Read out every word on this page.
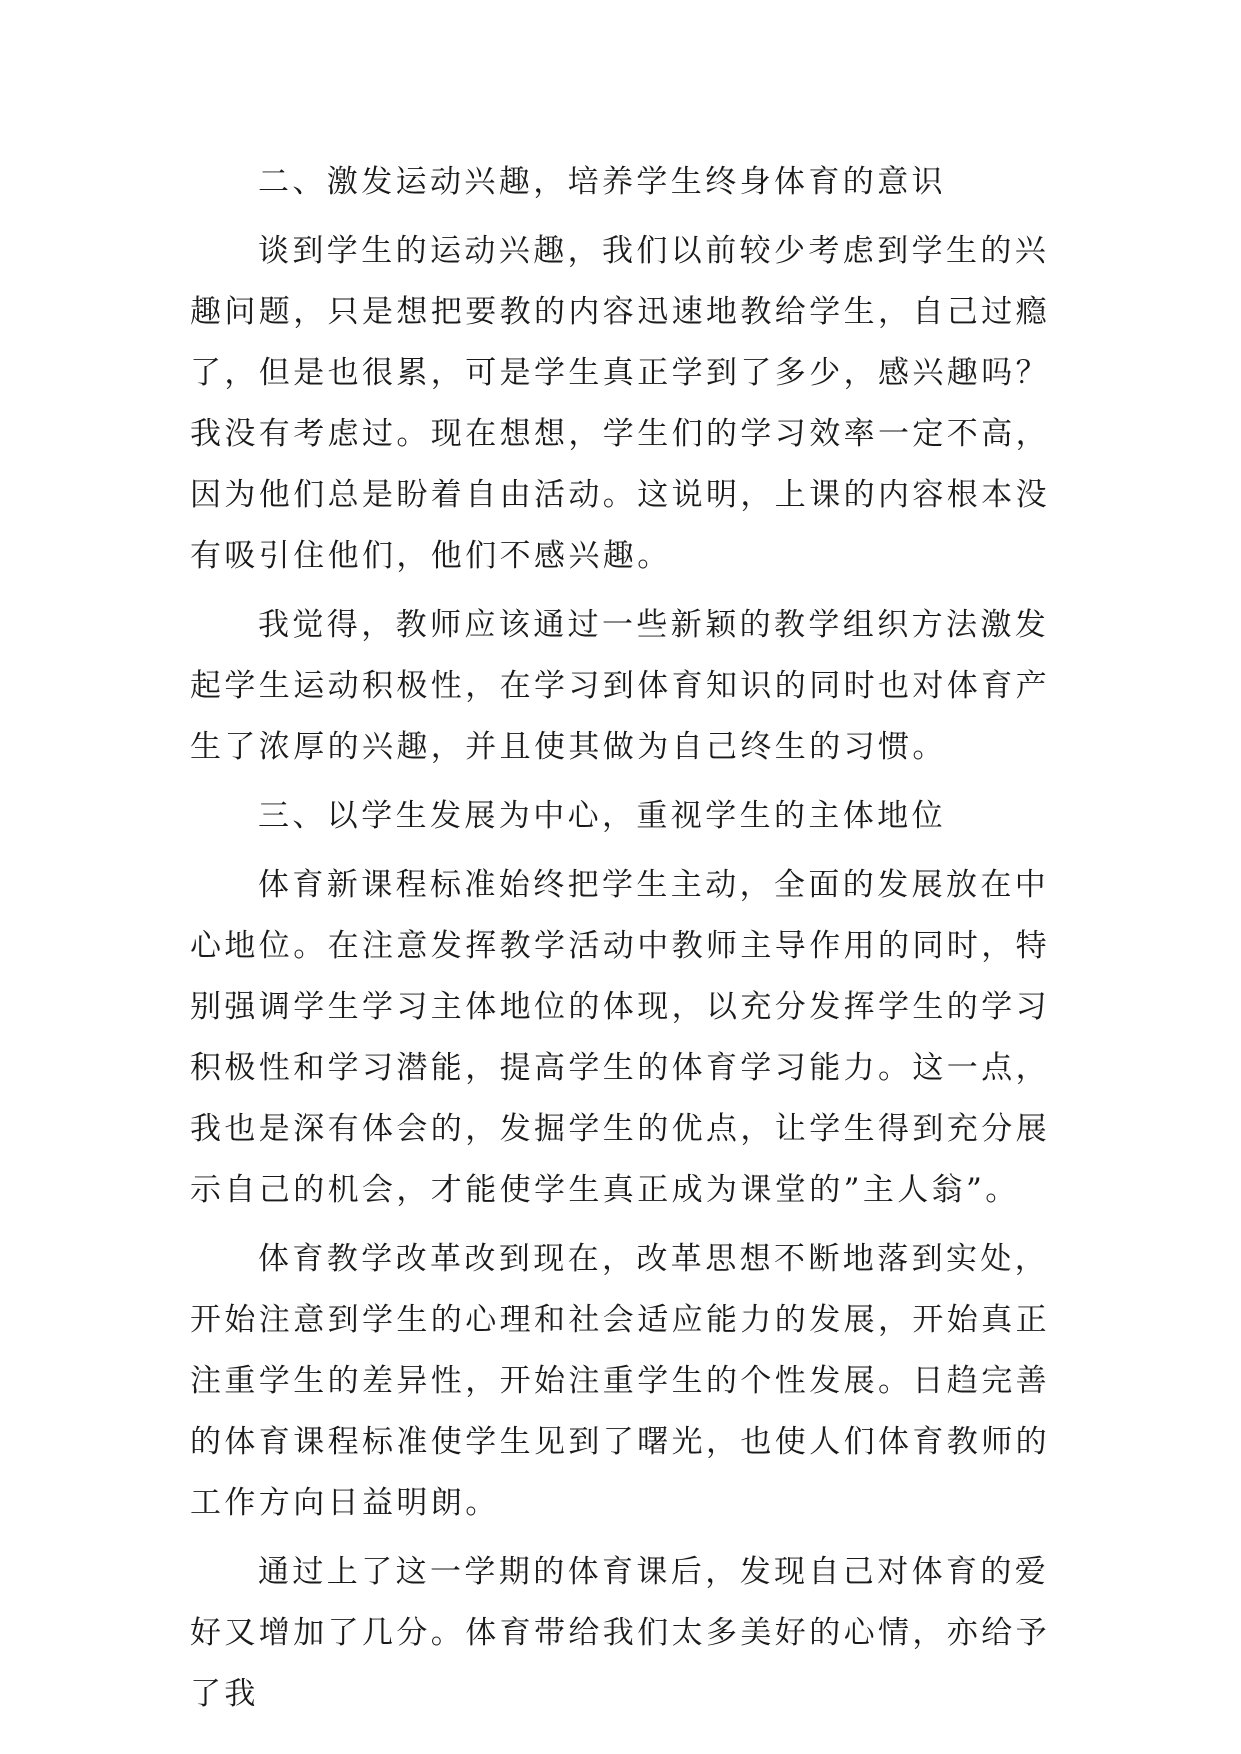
二、激发运动兴趣，培养学生终身体育的意识

谈到学生的运动兴趣，我们以前较少考虑到学生的兴趣问题，只是想把要教的内容迅速地教给学生，自己过瘾了，但是也很累，可是学生真正学到了多少，感兴趣吗？我没有考虑过。现在想想，学生们的学习效率一定不高，因为他们总是盼着自由活动。这说明，上课的内容根本没有吸引住他们，他们不感兴趣。

我觉得，教师应该通过一些新颖的教学组织方法激发起学生运动积极性，在学习到体育知识的同时也对体育产生了浓厚的兴趣，并且使其做为自己终生的习惯。

三、以学生发展为中心，重视学生的主体地位

体育新课程标准始终把学生主动，全面的发展放在中心地位。在注意发挥教学活动中教师主导作用的同时，特别强调学生学习主体地位的体现，以充分发挥学生的学习积极性和学习潜能，提高学生的体育学习能力。这一点，我也是深有体会的，发掘学生的优点，让学生得到充分展示自己的机会，才能使学生真正成为课堂的”主人翁”。

体育教学改革改到现在，改革思想不断地落到实处，开始注意到学生的心理和社会适应能力的发展，开始真正注重学生的差异性，开始注重学生的个性发展。日趋完善的体育课程标准使学生见到了曙光，也使人们体育教师的工作方向日益明朗。

通过上了这一学期的体育课后，发现自己对体育的爱好又增加了几分。体育带给我们太多美好的心情，亦给予了我
